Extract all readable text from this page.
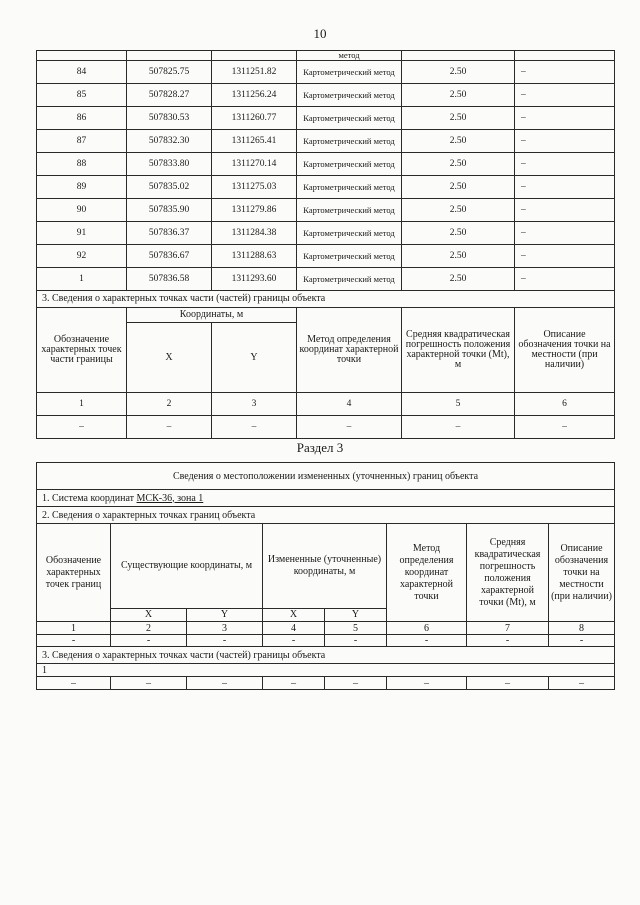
10
			метод		
84	507825.75	1311251.82	Картометрический метод	2.50	–
85	507828.27	1311256.24	Картометрический метод	2.50	–
86	507830.53	1311260.77	Картометрический метод	2.50	–
87	507832.30	1311265.41	Картометрический метод	2.50	–
88	507833.80	1311270.14	Картометрический метод	2.50	–
89	507835.02	1311275.03	Картометрический метод	2.50	–
90	507835.90	1311279.86	Картометрический метод	2.50	–
91	507836.37	1311284.38	Картометрический метод	2.50	–
92	507836.67	1311288.63	Картометрический метод	2.50	–
1	507836.58	1311293.60	Картометрический метод	2.50	–
3. Сведения о характерных точках части (частей) границы объекта					
Обозначение характерных точек части границы	Координаты, м		Метод определения координат характерной точки	Средняя квадратическая погрешность положения характерной точки (Mt), м	Описание обозначения точки на местности (при наличии)
	X	Y			
1	2	3	4	5	6
–	–	–	–	–	–
Раздел 3
Сведения о местоположении измененных (уточненных) границ объекта							
1. Система координат МСК-36, зона 1							
2. Сведения о характерных точках границ объекта							
Обозначение характерных точек границ	Существующие координаты, м		Измененные (уточненные) координаты, м		Метод определения координат характерной точки	Средняя квадратическая погрешность положения характерной точки (Mt), м	Описание обозначения точки на местности (при наличии)
	X	Y	X	Y			
1	2	3	4	5	6	7	8
-	-	-	-	-	-	-	-
3. Сведения о характерных точках части (частей) границы объекта							
1							
–	–	–	–	–	–	–	–
